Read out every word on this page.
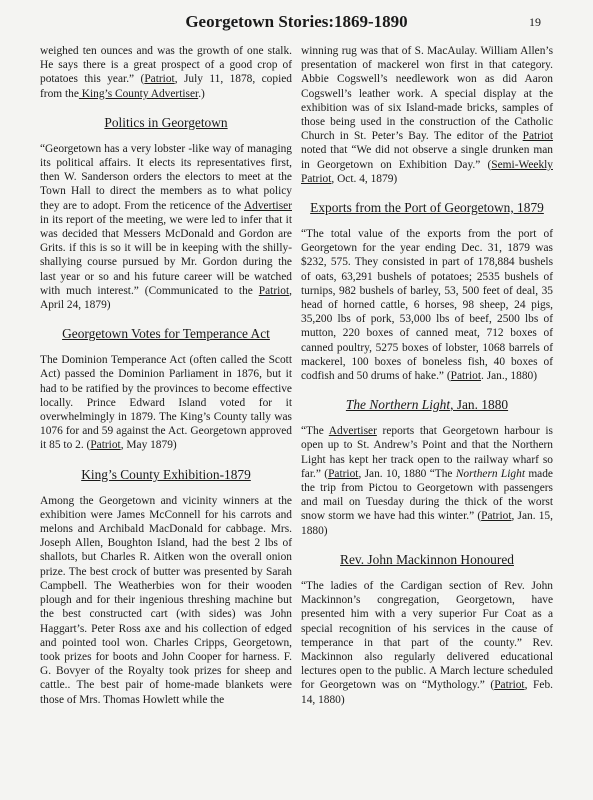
Georgetown Stories:1869-1890	19

weighed ten ounces and was the growth of one stalk. He says there is a great prospect of a good crop of potatoes this year.” (Patriot, July 11, 1878, copied from the King’s County Advertiser.)

Politics in Georgetown

“Georgetown has a very lobster -like way of managing its political affairs. It elects its representatives first, then W. Sanderson orders the electors to meet at the Town Hall to direct the members as to what policy they are to adopt. From the reticence of the Advertiser in its report of the meeting, we were led to infer that it was decided that Messers McDonald and Gordon are Grits. if this is so it will be in keeping with the shilly-shallying course pursued by Mr. Gordon during the last year or so and his future career will be watched with much interest.” (Communicated to the Patriot, April 24, 1879)

Georgetown Votes for Temperance Act

The Dominion Temperance Act (often called the Scott Act) passed the Dominion Parliament in 1876, but it had to be ratified by the provinces to become effective locally. Prince Edward Island voted for it overwhelmingly in 1879. The King’s County tally was 1076 for and 59 against the Act. Georgetown approved it 85 to 2. (Patriot, May 1879)

King’s County Exhibition-1879

Among the Georgetown and vicinity winners at the exhibition were James McConnell for his carrots and melons and Archibald MacDonald for cabbage. Mrs. Joseph Allen, Boughton Island, had the best 2 lbs of shallots, but Charles R. Aitken won the overall onion prize. The best crock of butter was presented by Sarah Campbell. The Weatherbies won for their wooden plough and for their ingenious threshing machine but the best constructed cart (with sides) was John Haggart’s. Peter Ross axe and his collection of edged and pointed tool won. Charles Cripps, Georgetown, took prizes for boots and John Cooper for harness. F. G. Bovyer of the Royalty took prizes for sheep and cattle.. The best pair of home-made blankets were those of Mrs. Thomas Howlett while the

winning rug was that of S. MacAulay. William Allen’s presentation of mackerel won first in that category. Abbie Cogswell’s needlework won as did Aaron Cogswell’s leather work. A special display at the exhibition was of six Island-made bricks, samples of those being used in the construction of the Catholic Church in St. Peter’s Bay. The editor of the Patriot noted that “We did not observe a single drunken man in Georgetown on Exhibition Day.” (Semi-Weekly Patriot, Oct. 4, 1879)

Exports from the Port of Georgetown, 1879

“The total value of the exports from the port of Georgetown for the year ending Dec. 31, 1879 was $232, 575. They consisted in part of 178,884 bushels of oats, 63,291 bushels of potatoes; 2535 bushels of turnips, 982 bushels of barley, 53, 500 feet of deal, 35 head of horned cattle, 6 horses, 98 sheep, 24 pigs, 35,200 lbs of pork, 53,000 lbs of beef, 2500 lbs of mutton, 220 boxes of canned meat, 712 boxes of canned poultry, 5275 boxes of lobster, 1068 barrels of mackerel, 100 boxes of boneless fish, 40 boxes of codfish and 50 drums of hake.” (Patriot. Jan., 1880)

The Northern Light, Jan. 1880

“The Advertiser reports that Georgetown harbour is open up to St. Andrew’s Point and that the Northern Light has kept her track open to the railway wharf so far.” (Patriot, Jan. 10, 1880 “The Northern Light made the trip from Pictou to Georgetown with passengers and mail on Tuesday during the thick of the worst snow storm we have had this winter.” (Patriot, Jan. 15, 1880)

Rev. John Mackinnon Honoured

“The ladies of the Cardigan section of Rev. John Mackinnon’s congregation, Georgetown, have presented him with a very superior Fur Coat as a special recognition of his services in the cause of temperance in that part of the county.” Rev. Mackinnon also regularly delivered educational lectures open to the public. A March lecture scheduled for Georgetown was on “Mythology.” (Patriot, Feb. 14, 1880)
